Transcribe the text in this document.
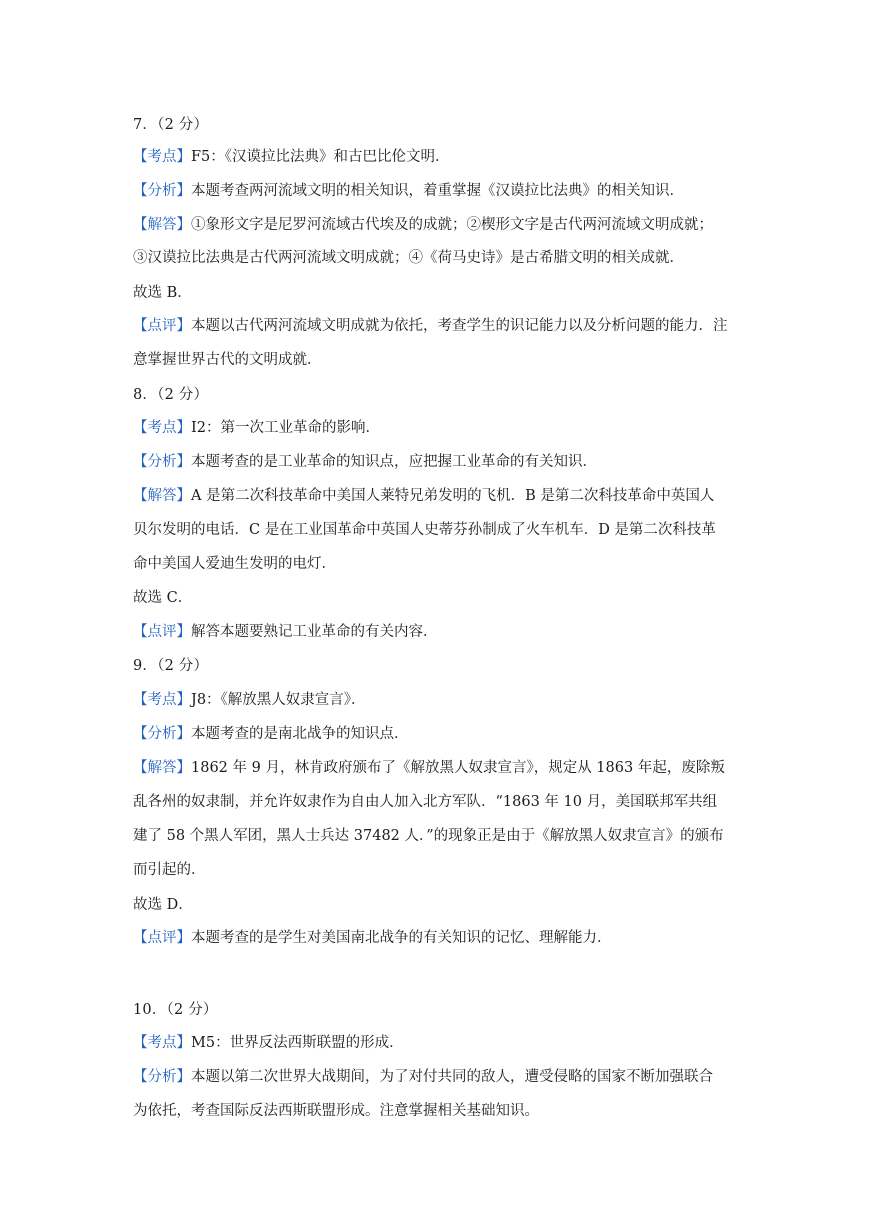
7．（2 分）
【考点】F5：《汉谟拉比法典》和古巴比伦文明．
【分析】本题考查两河流域文明的相关知识，着重掌握《汉谟拉比法典》的相关知识．
【解答】①象形文字是尼罗河流域古代埃及的成就；②楔形文字是古代两河流域文明成就；
③汉谟拉比法典是古代两河流域文明成就；④《荷马史诗》是古希腊文明的相关成就．
故选 B．
【点评】本题以古代两河流域文明成就为依托，考查学生的识记能力以及分析问题的能力．注
意掌握世界古代的文明成就．
8．（2 分）
【考点】I2：第一次工业革命的影响．
【分析】本题考查的是工业革命的知识点，应把握工业革命的有关知识．
【解答】A 是第二次科技革命中美国人莱特兄弟发明的飞机．B 是第二次科技革命中英国人
贝尔发明的电话．C 是在工业国革命中英国人史蒂芬孙制成了火车机车．D 是第二次科技革
命中美国人爱迪生发明的电灯．
故选 C．
【点评】解答本题要熟记工业革命的有关内容．
9．（2 分）
【考点】J8：《解放黑人奴隶宣言》．
【分析】本题考查的是南北战争的知识点．
【解答】1862 年 9 月，林肯政府颁布了《解放黑人奴隶宣言》，规定从 1863 年起，废除叛
乱各州的奴隶制，并允许奴隶作为自由人加入北方军队．“1863 年 10 月，美国联邦军共组
建了 58 个黑人军团，黑人士兵达 37482 人．”的现象正是由于《解放黑人奴隶宣言》的颁布
而引起的．
故选 D．
【点评】本题考查的是学生对美国南北战争的有关知识的记忆、理解能力．
10．（2 分）
【考点】M5：世界反法西斯联盟的形成．
【分析】本题以第二次世界大战期间，为了对付共同的敌人，遭受侵略的国家不断加强联合
为依托，考查国际反法西斯联盟形成。注意掌握相关基础知识。
